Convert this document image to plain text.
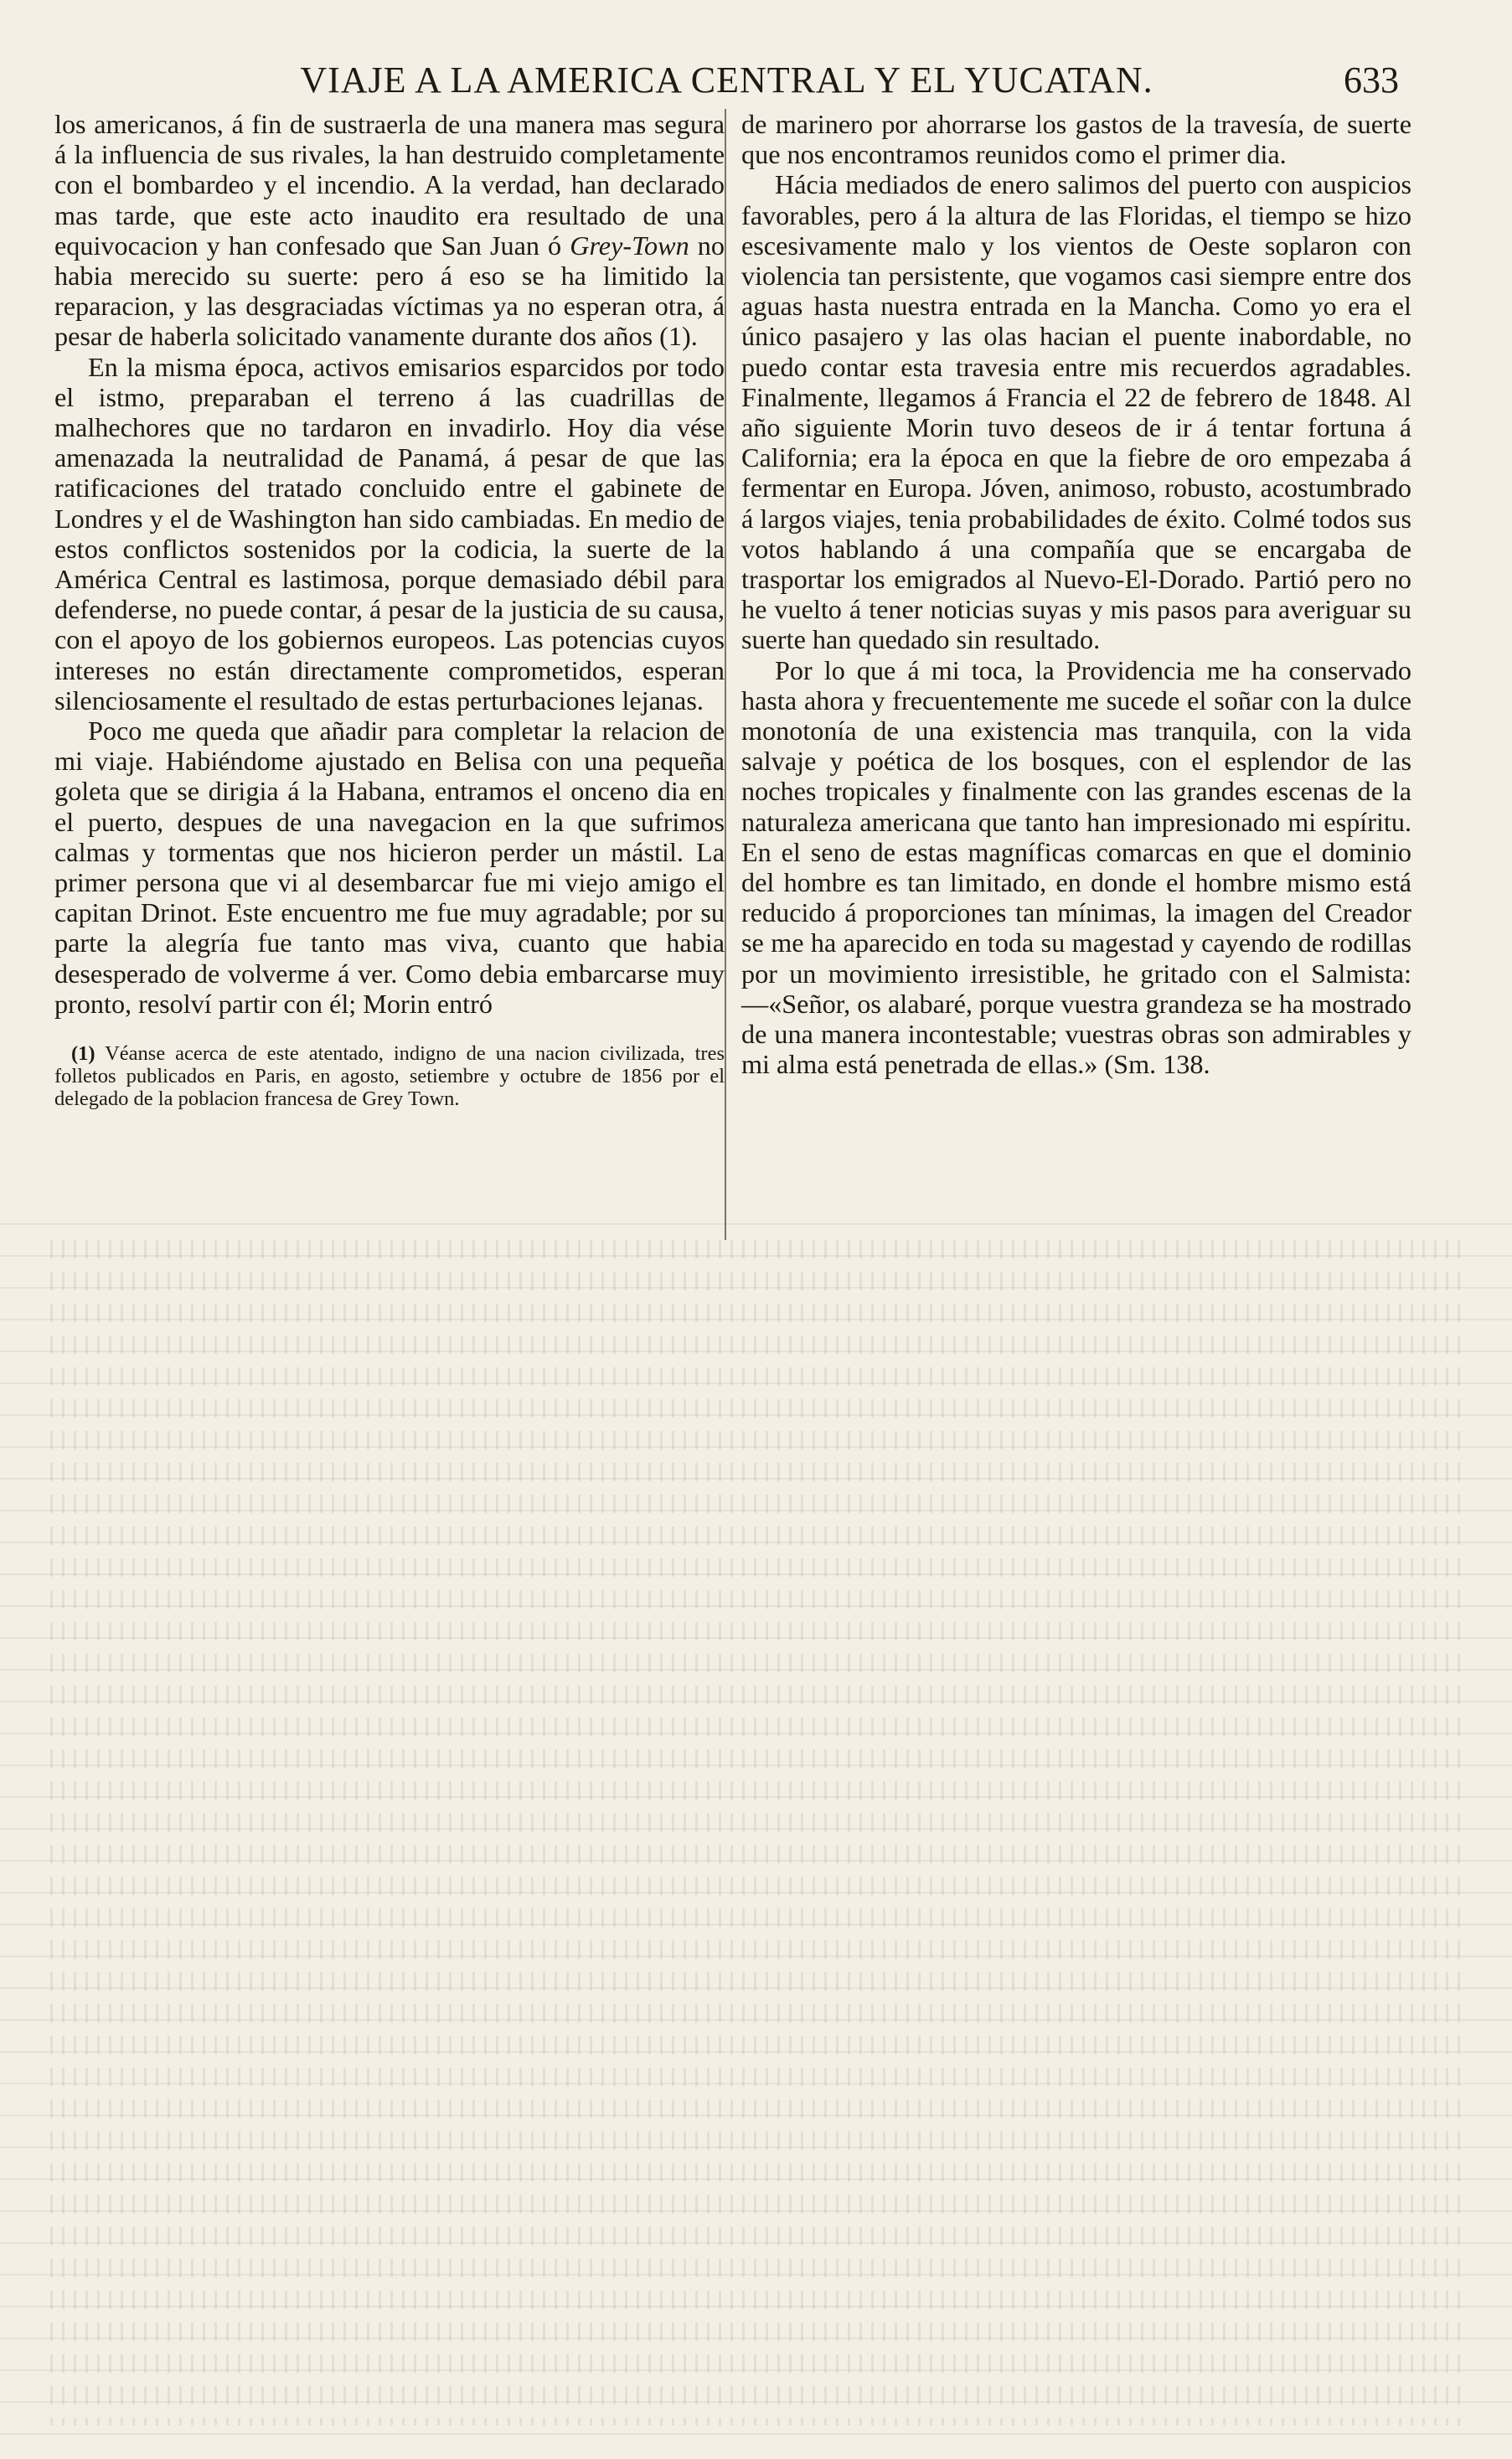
VIAJE A LA AMERICA CENTRAL Y EL YUCATAN.	633

los americanos, á fin de sustraerla de una manera mas segura á la influencia de sus rivales, la han destruido completamente con el bombardeo y el incendio. A la verdad, han declarado mas tarde, que este acto inaudito era resultado de una equivocacion y han confesado que San Juan ó Grey-Town no habia merecido su suerte: pero á eso se ha limitido la reparacion, y las desgraciadas víctimas ya no esperan otra, á pesar de haberla solicitado vanamente durante dos años (1).

En la misma época, activos emisarios esparcidos por todo el istmo, preparaban el terreno á las cuadrillas de malhechores que no tardaron en invadirlo. Hoy dia vése amenazada la neutralidad de Panamá, á pesar de que las ratificaciones del tratado concluido entre el gabinete de Londres y el de Washington han sido cambiadas. En medio de estos conflictos sostenidos por la codicia, la suerte de la América Central es lastimosa, porque demasiado débil para defenderse, no puede contar, á pesar de la justicia de su causa, con el apoyo de los gobiernos europeos. Las potencias cuyos intereses no están directamente comprometidos, esperan silenciosamente el resultado de estas perturbaciones lejanas.

Poco me queda que añadir para completar la relacion de mi viaje. Habiéndome ajustado en Belisa con una pequeña goleta que se dirigia á la Habana, entramos el onceno dia en el puerto, despues de una navegacion en la que sufrimos calmas y tormentas que nos hicieron perder un mástil. La primer persona que vi al desembarcar fue mi viejo amigo el capitan Drinot. Este encuentro me fue muy agradable; por su parte la alegría fue tanto mas viva, cuanto que habia desesperado de volverme á ver. Como debia embarcarse muy pronto, resolví partir con él; Morin entró

(1) Véanse acerca de este atentado, indigno de una nacion civilizada, tres folletos publicados en Paris, en agosto, setiembre y octubre de 1856 por el delegado de la poblacion francesa de Grey Town.

de marinero por ahorrarse los gastos de la travesía, de suerte que nos encontramos reunidos como el primer dia.

Hácia mediados de enero salimos del puerto con auspicios favorables, pero á la altura de las Floridas, el tiempo se hizo escesivamente malo y los vientos de Oeste soplaron con violencia tan persistente, que vogamos casi siempre entre dos aguas hasta nuestra entrada en la Mancha. Como yo era el único pasajero y las olas hacian el puente inabordable, no puedo contar esta travesia entre mis recuerdos agradables. Finalmente, llegamos á Francia el 22 de febrero de 1848. Al año siguiente Morin tuvo deseos de ir á tentar fortuna á California; era la época en que la fiebre de oro empezaba á fermentar en Europa. Jóven, animoso, robusto, acostumbrado á largos viajes, tenia probabilidades de éxito. Colmé todos sus votos hablando á una compañía que se encargaba de trasportar los emigrados al Nuevo-El-Dorado. Partió pero no he vuelto á tener noticias suyas y mis pasos para averiguar su suerte han quedado sin resultado.

Por lo que á mi toca, la Providencia me ha conservado hasta ahora y frecuentemente me sucede el soñar con la dulce monotonía de una existencia mas tranquila, con la vida salvaje y poética de los bosques, con el esplendor de las noches tropicales y finalmente con las grandes escenas de la naturaleza americana que tanto han impresionado mi espíritu. En el seno de estas magníficas comarcas en que el dominio del hombre es tan limitado, en donde el hombre mismo está reducido á proporciones tan mínimas, la imagen del Creador se me ha aparecido en toda su magestad y cayendo de rodillas por un movimiento irresistible, he gritado con el Salmista:—«Señor, os alabaré, porque vuestra grandeza se ha mostrado de una manera incontestable; vuestras obras son admirables y mi alma está penetrada de ellas.» (Sm. 138.
